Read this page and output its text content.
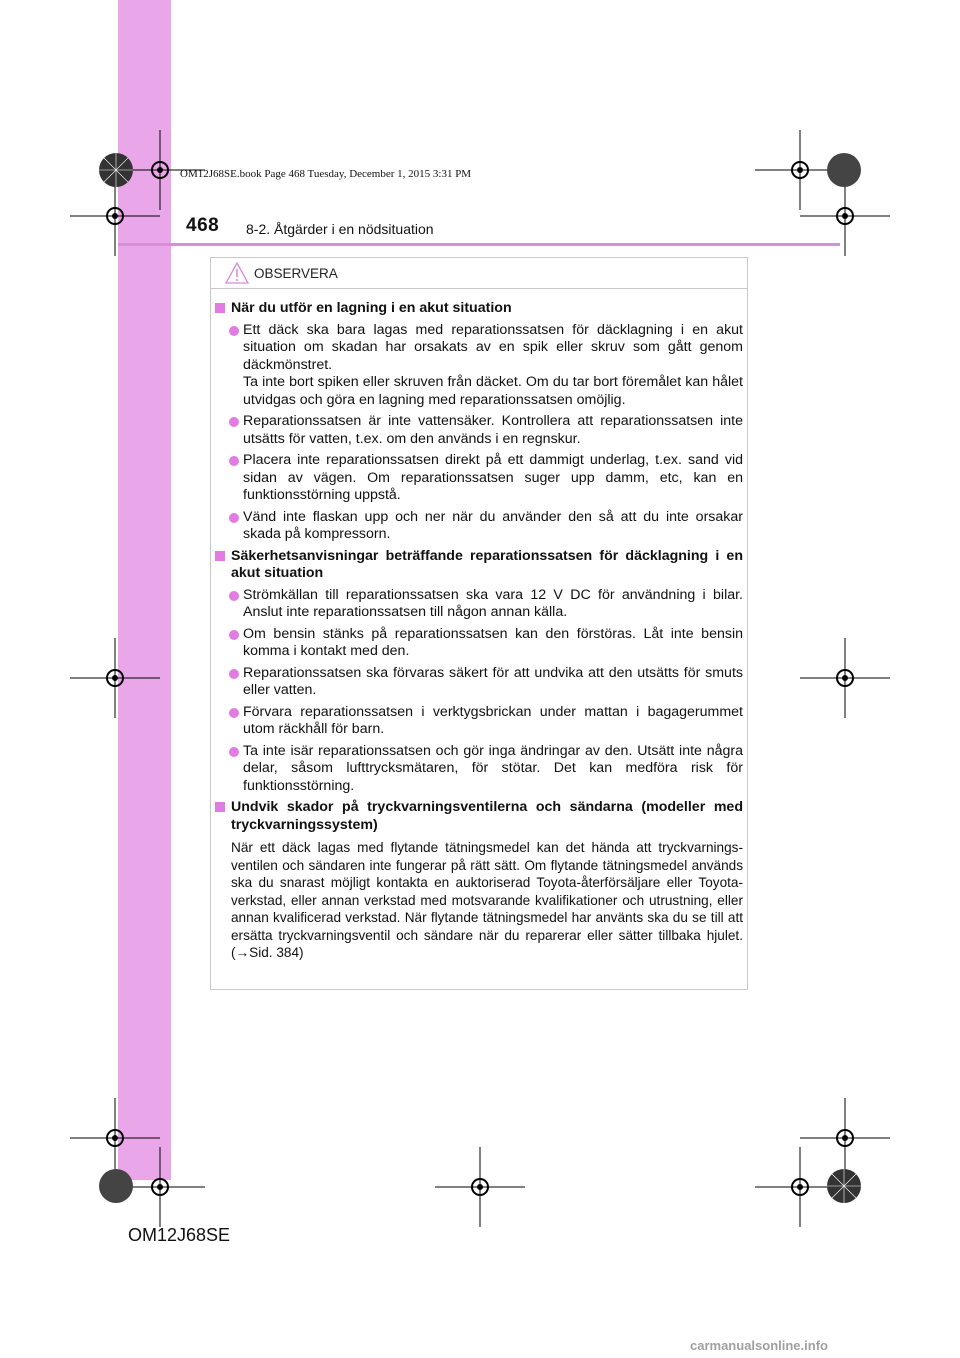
OM12J68SE.book Page 468 Tuesday, December 1, 2015 3:31 PM
468 8-2. Åtgärder i en nödsituation
OBSERVERA
När du utför en lagning i en akut situation
Ett däck ska bara lagas med reparationssatsen för däcklagning i en akut situation om skadan har orsakats av en spik eller skruv som gått genom däckmönstret.
Ta inte bort spiken eller skruven från däcket. Om du tar bort föremålet kan hålet utvidgas och göra en lagning med reparationssatsen omöjlig.
Reparationssatsen är inte vattensäker. Kontrollera att reparationssatsen inte utsätts för vatten, t.ex. om den används i en regnskur.
Placera inte reparationssatsen direkt på ett dammigt underlag, t.ex. sand vid sidan av vägen. Om reparationssatsen suger upp damm, etc, kan en funktionsstörning uppstå.
Vänd inte flaskan upp och ner när du använder den så att du inte orsakar skada på kompressorn.
Säkerhetsanvisningar beträffande reparationssatsen för däcklagning i en akut situation
Strömkällan till reparationssatsen ska vara 12 V DC för användning i bilar. Anslut inte reparationssatsen till någon annan källa.
Om bensin stänks på reparationssatsen kan den förstöras. Låt inte bensin komma i kontakt med den.
Reparationssatsen ska förvaras säkert för att undvika att den utsätts för smuts eller vatten.
Förvara reparationssatsen i verktygsbrickan under mattan i bagagerummet utom räckhåll för barn.
Ta inte isär reparationssatsen och gör inga ändringar av den. Utsätt inte några delar, såsom lufttrycksmätaren, för stötar. Det kan medföra risk för funktionsstörning.
Undvik skador på tryckvarningsventilerna och sändarna (modeller med tryckvarningssystem)
När ett däck lagas med flytande tätningsmedel kan det hända att tryckvarnings-ventilen och sändaren inte fungerar på rätt sätt. Om flytande tätningsmedel används ska du snarast möjligt kontakta en auktoriserad Toyota-återförsäljare eller Toyota-verkstad, eller annan verkstad med motsvarande kvalifikationer och utrustning, eller annan kvalificerad verkstad. När flytande tätningsmedel har använts ska du se till att ersätta tryckvarningsventil och sändare när du reparerar eller sätter tillbaka hjulet. (→Sid. 384)
OM12J68SE
carmanualsonline.info
